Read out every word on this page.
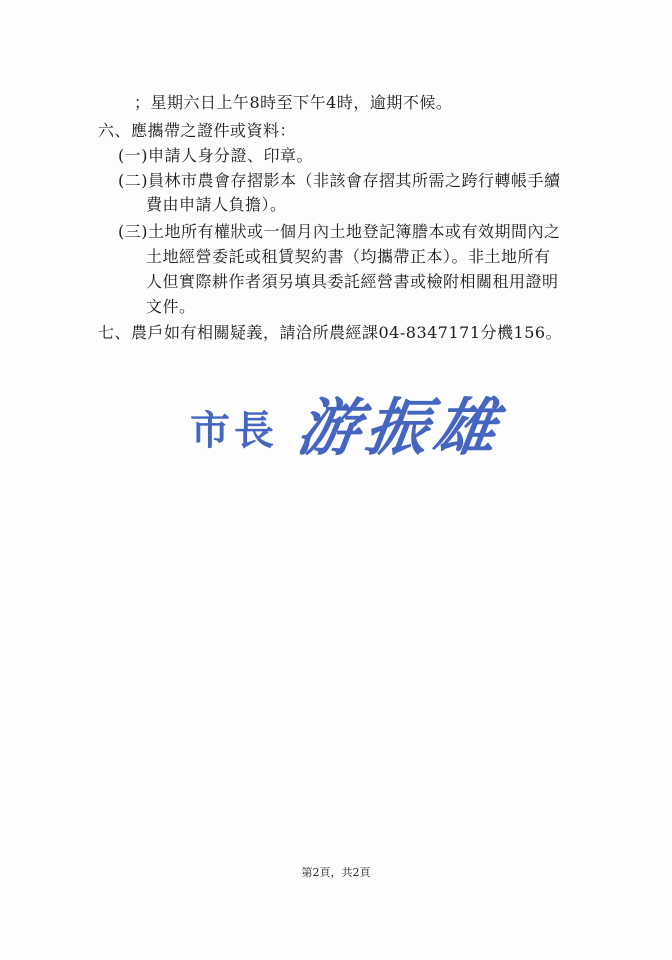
；星期六日上午8時至下午4時，逾期不候。
六、應攜帶之證件或資料：
(一)申請人身分證、印章。
(二)員林市農會存摺影本（非該會存摺其所需之跨行轉帳手續
費由申請人負擔）。
(三)土地所有權狀或一個月內土地登記簿謄本或有效期間內之
土地經營委託或租賃契約書（均攜帶正本）。非土地所有
人但實際耕作者須另填具委託經營書或檢附相關租用證明
文件。
七、農戶如有相關疑義，請洽所農經課04-8347171分機156。
市長 游振雄
第2頁，共2頁
